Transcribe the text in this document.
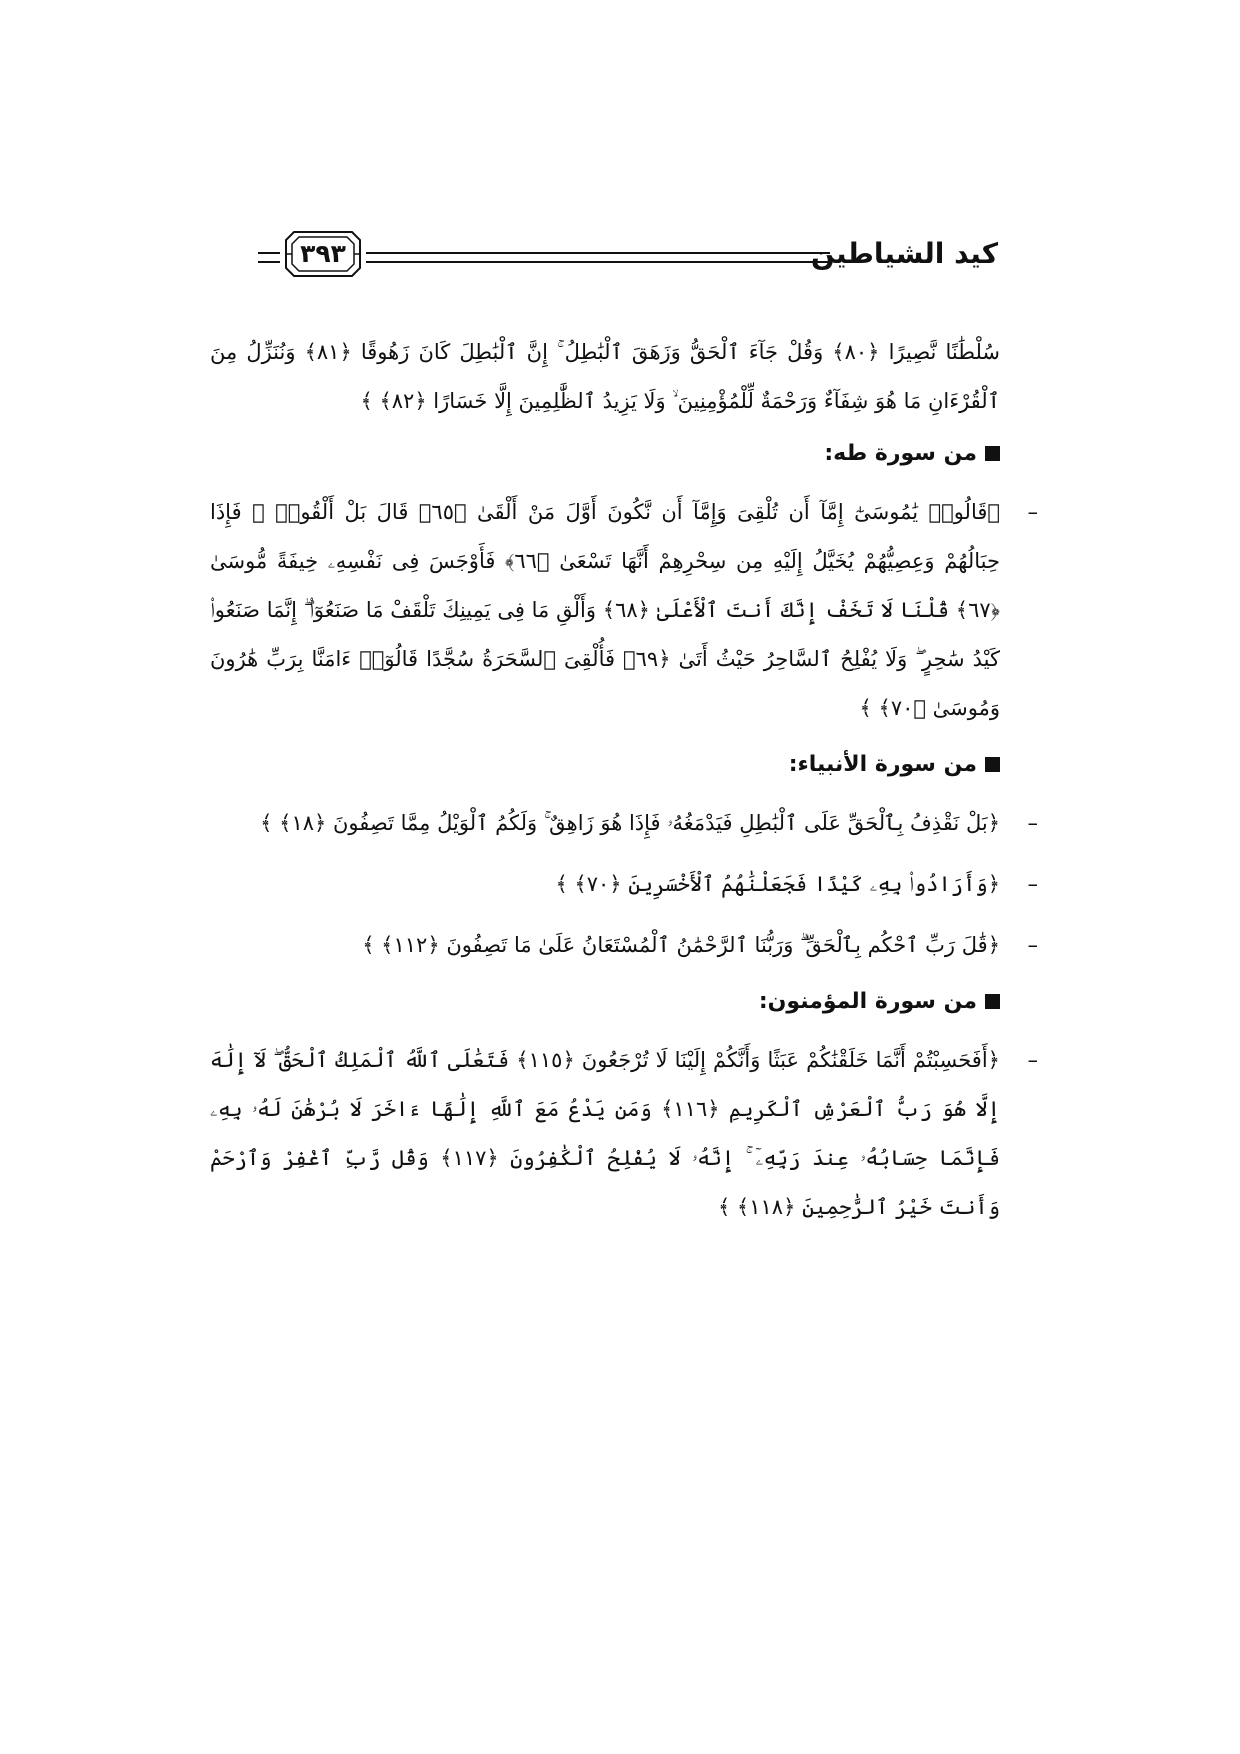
٣٩٣	كيد الشياطين

سُلْطَٰنًا نَّصِيرًا ﴿٨٠﴾ وَقُلْ جَآءَ ٱلْحَقُّ وَزَهَقَ ٱلْبَٰطِلُ ۚ إِنَّ ٱلْبَٰطِلَ كَانَ زَهُوقًا ﴿٨١﴾ وَنُنَزِّلُ مِنَ ٱلْقُرْءَانِ مَا هُوَ شِفَآءٌ وَرَحْمَةٌ لِّلْمُؤْمِنِينَ ۙ وَلَا يَزِيدُ ٱلظَّٰلِمِينَ إِلَّا خَسَارًا ﴿٨٢﴾ ﴾

من سورة طه:
–

﴿قَالُوا۟ يَٰمُوسَىٰٓ إِمَّآ أَن تُلْقِىَ وَإِمَّآ أَن نَّكُونَ أَوَّلَ مَنْ أَلْقَىٰ ﴿٦٥﴾ قَالَ بَلْ أَلْقُوا۟ ۖ فَإِذَا حِبَالُهُمْ وَعِصِيُّهُمْ يُخَيَّلُ إِلَيْهِ مِن سِحْرِهِمْ أَنَّهَا تَسْعَىٰ ﴿٦٦﴾ فَأَوْجَسَ فِى نَفْسِهِۦ خِيفَةً مُّوسَىٰ ﴿٦٧﴾ قُلْنَا لَا تَخَفْ إِنَّكَ أَنتَ ٱلْأَعْلَىٰ ﴿٦٨﴾ وَأَلْقِ مَا فِى يَمِينِكَ تَلْقَفْ مَا صَنَعُوٓا۟ ۖ إِنَّمَا صَنَعُوا۟ كَيْدُ سَٰحِرٍ ۖ وَلَا يُفْلِحُ ٱلسَّاحِرُ حَيْثُ أَتَىٰ ﴿٦٩﴾ فَأُلْقِىَ ٱلسَّحَرَةُ سُجَّدًا قَالُوٓا۟ ءَامَنَّا بِرَبِّ هَٰرُونَ وَمُوسَىٰ ﴿٧٠﴾ ﴾

من سورة الأنبياء:
–

﴿بَلْ نَقْذِفُ بِٱلْحَقِّ عَلَى ٱلْبَٰطِلِ فَيَدْمَغُهُۥ فَإِذَا هُوَ زَاهِقٌ ۚ وَلَكُمُ ٱلْوَيْلُ مِمَّا تَصِفُونَ ﴿١٨﴾ ﴾

–

﴿وَأَرَادُوا۟ بِهِۦ كَيْدًا فَجَعَلْنَٰهُمُ ٱلْأَخْسَرِينَ ﴿٧٠﴾ ﴾

–

﴿قَٰلَ رَبِّ ٱحْكُم بِٱلْحَقِّ ۗ وَرَبُّنَا ٱلرَّحْمَٰنُ ٱلْمُسْتَعَانُ عَلَىٰ مَا تَصِفُونَ ﴿١١٢﴾ ﴾

من سورة المؤمنون:
–

﴿أَفَحَسِبْتُمْ أَنَّمَا خَلَقْنَٰكُمْ عَبَثًا وَأَنَّكُمْ إِلَيْنَا لَا تُرْجَعُونَ ﴿١١٥﴾ فَتَعَٰلَى ٱللَّهُ ٱلْمَلِكُ ٱلْحَقُّ ۖ لَآ إِلَٰهَ إِلَّا هُوَ رَبُّ ٱلْعَرْشِ ٱلْكَرِيمِ ﴿١١٦﴾ وَمَن يَدْعُ مَعَ ٱللَّهِ إِلَٰهًا ءَاخَرَ لَا بُرْهَٰنَ لَهُۥ بِهِۦ فَإِنَّمَا حِسَابُهُۥ عِندَ رَبِّهِۦٓ ۚ إِنَّهُۥ لَا يُفْلِحُ ٱلْكَٰفِرُونَ ﴿١١٧﴾ وَقُل رَّبِّ ٱغْفِرْ وَٱرْحَمْ وَأَنتَ خَيْرُ ٱلرَّٰحِمِينَ ﴿١١٨﴾ ﴾
